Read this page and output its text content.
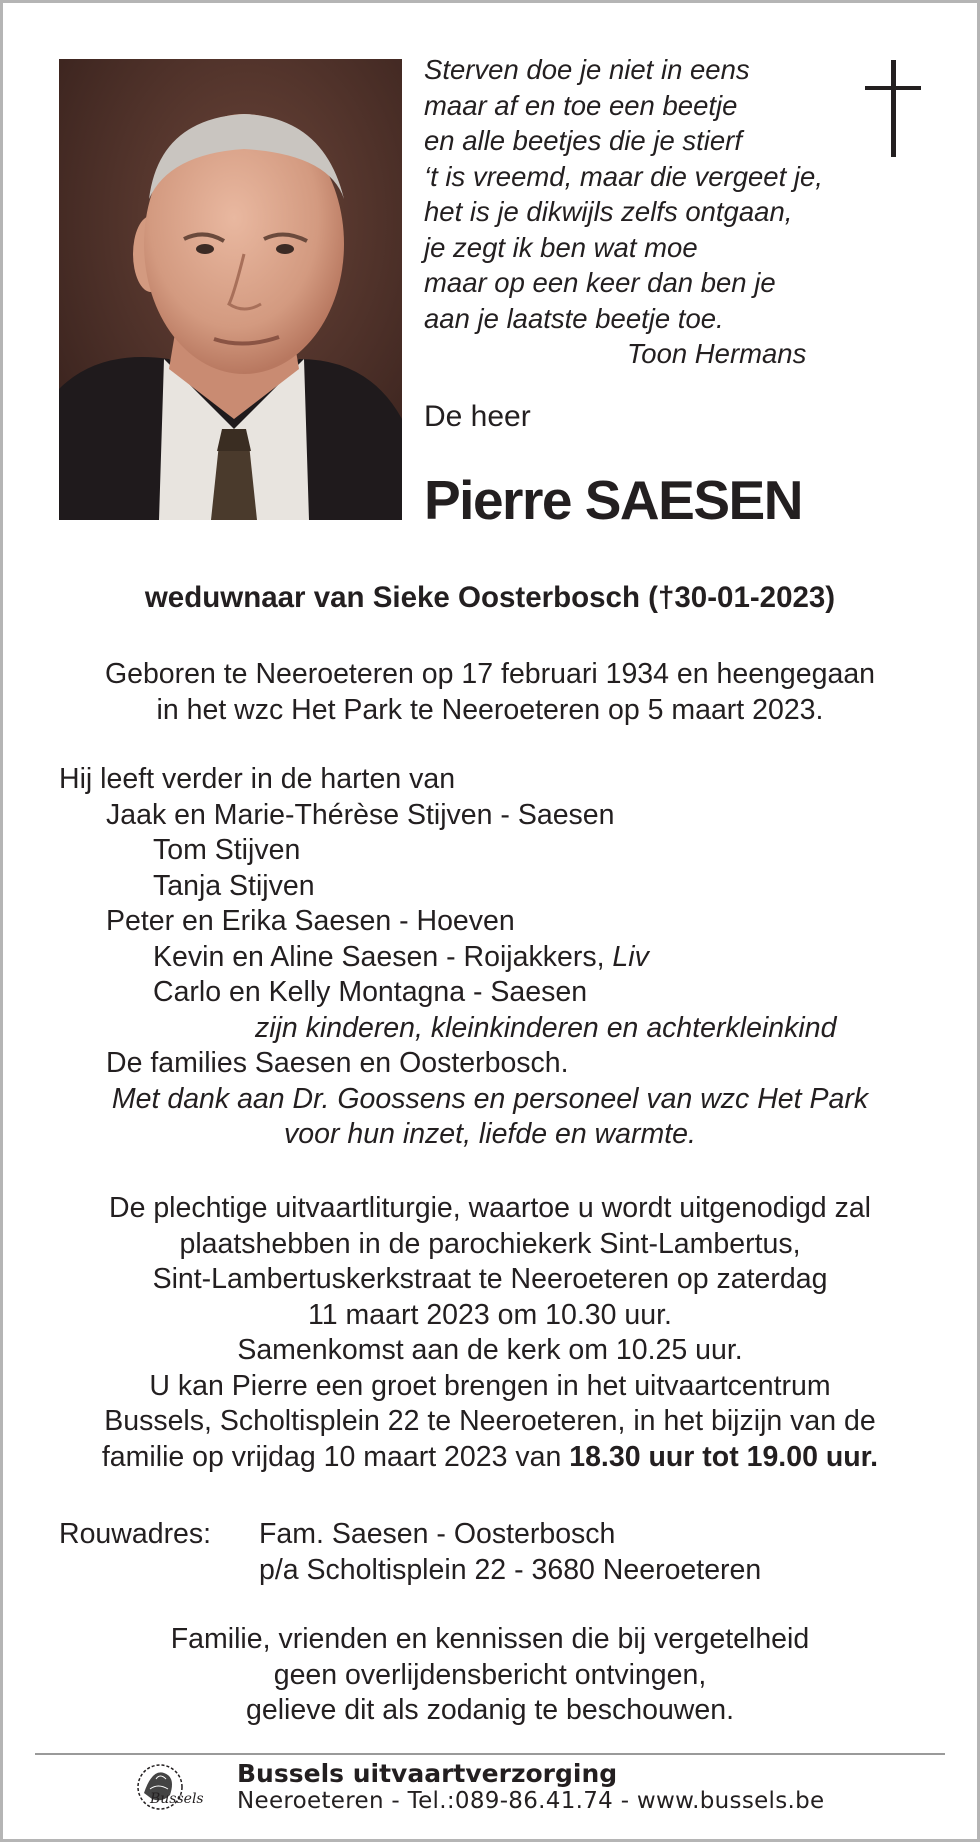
Sterven doe je niet in eens
maar af en toe een beetje
en alle beetjes die je stierf
‘t is vreemd, maar die vergeet je,
het is je dikwijls zelfs ontgaan,
je zegt ik ben wat moe
maar op een keer dan ben je
aan je laatste beetje toe.
Toon Hermans
De heer
Pierre SAESEN
weduwnaar van Sieke Oosterbosch (†30-01-2023)
Geboren te Neeroeteren op 17 februari 1934 en heengegaan
in het wzc Het Park te Neeroeteren op 5 maart 2023.
Hij leeft verder in de harten van
Jaak en Marie-Thérèse Stijven - Saesen
Tom Stijven
Tanja Stijven
Peter en Erika Saesen - Hoeven
Kevin en Aline Saesen - Roijakkers, Liv
Carlo en Kelly Montagna - Saesen
zijn kinderen, kleinkinderen en achterkleinkind
De families Saesen en Oosterbosch.
Met dank aan Dr. Goossens en personeel van wzc Het Park
voor hun inzet, liefde en warmte.
De plechtige uitvaartliturgie, waartoe u wordt uitgenodigd zal
plaatshebben in de parochiekerk Sint-Lambertus,
Sint-Lambertuskerkstraat te Neeroeteren op zaterdag
11 maart 2023 om 10.30 uur.
Samenkomst aan de kerk om 10.25 uur.
U kan Pierre een groet brengen in het uitvaartcentrum
Bussels, Scholtisplein 22 te Neeroeteren, in het bijzijn van de
familie op vrijdag 10 maart 2023 van 18.30 uur tot 19.00 uur.
Rouwadres:	Fam. Saesen - Oosterbosch
p/a Scholtisplein 22 - 3680 Neeroeteren
Familie, vrienden en kennissen die bij vergetelheid
geen overlijdensbericht ontvingen,
gelieve dit als zodanig te beschouwen.
Bussels
Bussels uitvaartverzorging
Neeroeteren - Tel.:089-86.41.74 - www.bussels.be
